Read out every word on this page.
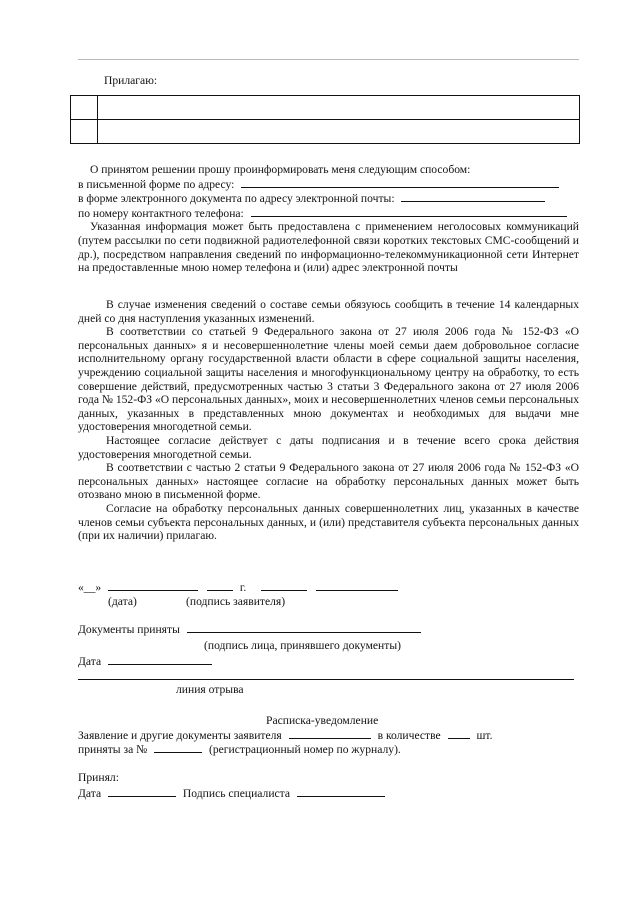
Прилагаю:

О принятом решении прошу проинформировать меня следующим способом:

в письменной форме по адресу:
в форме электронного документа по адресу электронной почты:
по номеру контактного телефона:

Указанная информация может быть предоставлена с применением неголосовых коммуникаций (путем рассылки по сети подвижной радиотелефонной связи коротких текстовых СМС-сообщений и др.), посредством направления сведений по информационно-телекоммуникационной сети Интернет на предоставленные мною номер телефона и (или) адрес электронной почты

В случае изменения сведений о составе семьи обязуюсь сообщить в течение 14 календарных дней со дня наступления указанных изменений.

В соответствии со статьей 9 Федерального закона от 27 июля 2006 года № 152-ФЗ «О персональных данных» я и несовершеннолетние члены моей семьи даем добровольное согласие исполнительному органу государственной власти области в сфере социальной защиты населения, учреждению социальной защиты населения и многофункциональному центру на обработку, то есть совершение действий, предусмотренных частью 3 статьи 3 Федерального закона от 27 июля 2006 года № 152-ФЗ «О персональных данных», моих и несовершеннолетних членов семьи персональных данных, указанных в представленных мною документах и необходимых для выдачи мне удостоверения многодетной семьи.

Настоящее согласие действует с даты подписания и в течение всего срока действия удостоверения многодетной семьи.

В соответствии с частью 2 статьи 9 Федерального закона от 27 июля 2006 года № 152-ФЗ «О персональных данных» настоящее согласие на обработку персональных данных может быть отозвано мною в письменной форме.

Согласие на обработку персональных данных совершеннолетних лиц, указанных в качестве членов семьи субъекта персональных данных, и (или) представителя субъекта персональных данных (при их наличии) прилагаю.

«__»	г.
(дата)	(подпись заявителя)
Документы приняты
(подпись лица, принявшего документы)
Дата
линия отрыва
Расписка-уведомление
Заявление и другие документы заявителя	в количестве	шт.
приняты за №	(регистрационный номер по журналу).
Принял:
Дата	Подпись специалиста
